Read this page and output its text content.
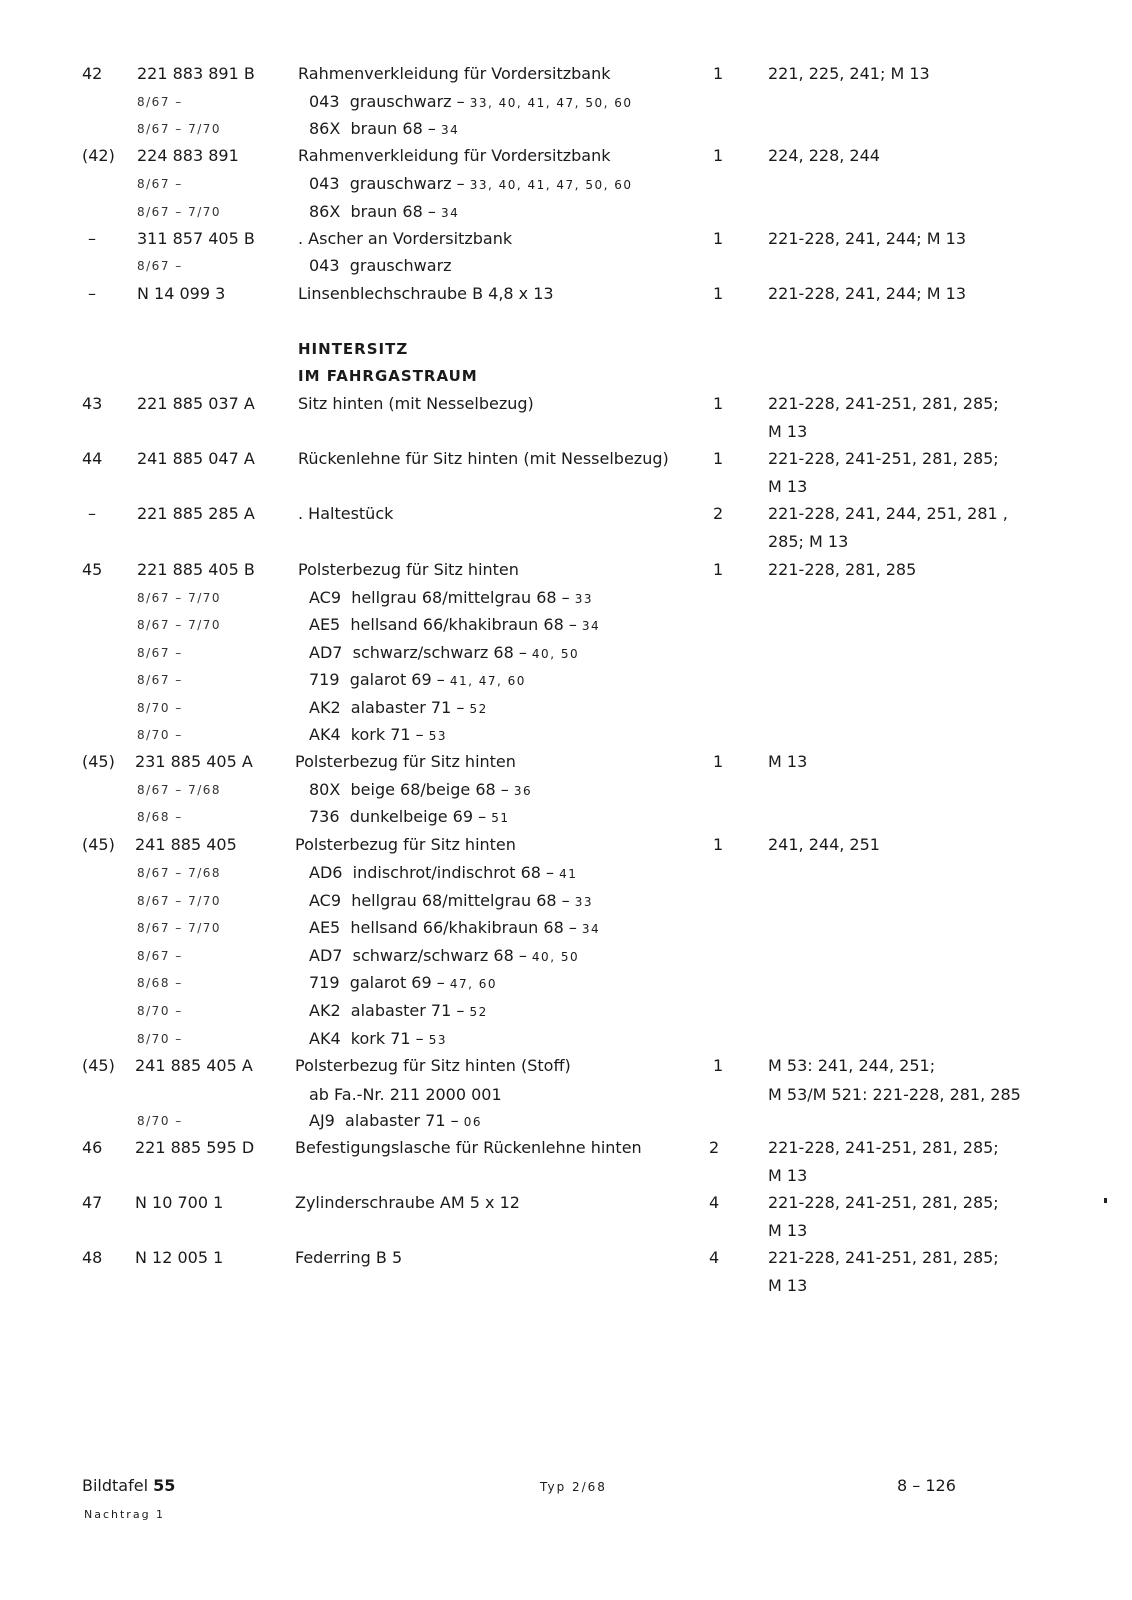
42 221 883 891 B	Rahmenverkleidung für Vordersitzbank	1	221, 225, 241; M 13
8/67 –	043 grauschwarz – 33, 40, 41, 47, 50, 60
8/67 – 7/70	86X braun 68 – 34
(42) 224 883 891	Rahmenverkleidung für Vordersitzbank	1	224, 228, 244
8/67 –	043 grauschwarz – 33, 40, 41, 47, 50, 60
8/67 – 7/70	86X braun 68 – 34
–	311 857 405 B	. Ascher an Vordersitzbank	1	221-228, 241, 244; M 13
8/67 –	043 grauschwarz
–	N 14 099 3	Linsenblechschraube B 4,8 x 13	1	221-228, 241, 244; M 13
HINTERSITZ
IM FAHRGASTRAUM
43 221 885 037 A	Sitz hinten (mit Nesselbezug)	1	221-228, 241-251, 281, 285;
M 13
44 241 885 047 A	Rückenlehne für Sitz hinten (mit Nesselbezug)	1	221-228, 241-251, 281, 285;
M 13
–	221 885 285 A	. Haltestück	2	221-228, 241, 244, 251, 281 ,
285; M 13
45 221 885 405 B	Polsterbezug für Sitz hinten	1	221-228, 281, 285
8/67 – 7/70	AC9 hellgrau 68/mittelgrau 68 – 33
8/67 – 7/70	AE5 hellsand 66/khakibraun 68 – 34
8/67 –	AD7 schwarz/schwarz 68 – 40, 50
8/67 –	719 galarot 69 – 41, 47, 60
8/70 –	AK2 alabaster 71 – 52
8/70 –	AK4 kork 71 – 53
(45) 231 885 405 A	Polsterbezug für Sitz hinten	1	M 13
8/67 – 7/68	80X beige 68/beige 68 – 36
8/68 –	736 dunkelbeige 69 – 51
(45) 241 885 405	Polsterbezug für Sitz hinten	1	241, 244, 251
8/67 – 7/68	AD6 indischrot/indischrot 68 – 41
8/67 – 7/70	AC9 hellgrau 68/mittelgrau 68 – 33
8/67 – 7/70	AE5 hellsand 66/khakibraun 68 – 34
8/67 –	AD7 schwarz/schwarz 68 – 40, 50
8/68 –	719 galarot 69 – 47, 60
8/70 –	AK2 alabaster 71 – 52
8/70 –	AK4 kork 71 – 53
(45) 241 885 405 A	Polsterbezug für Sitz hinten (Stoff)	1	M 53: 241, 244, 251;
ab Fa.-Nr. 211 2000 001	M 53/M 521: 221-228, 281, 285
8/70 –	AJ9 alabaster 71 – 06
46 221 885 595 D	Befestigungslasche für Rückenlehne hinten	2	221-228, 241-251, 281, 285;
M 13
47 N 10 700 1	Zylinderschraube AM 5 x 12	4	221-228, 241-251, 281, 285;
M 13
48 N 12 005 1	Federring B 5	4	221-228, 241-251, 281, 285;
M 13
Bildtafel 55	Typ 2/68	8 – 126
Nachtrag 1
